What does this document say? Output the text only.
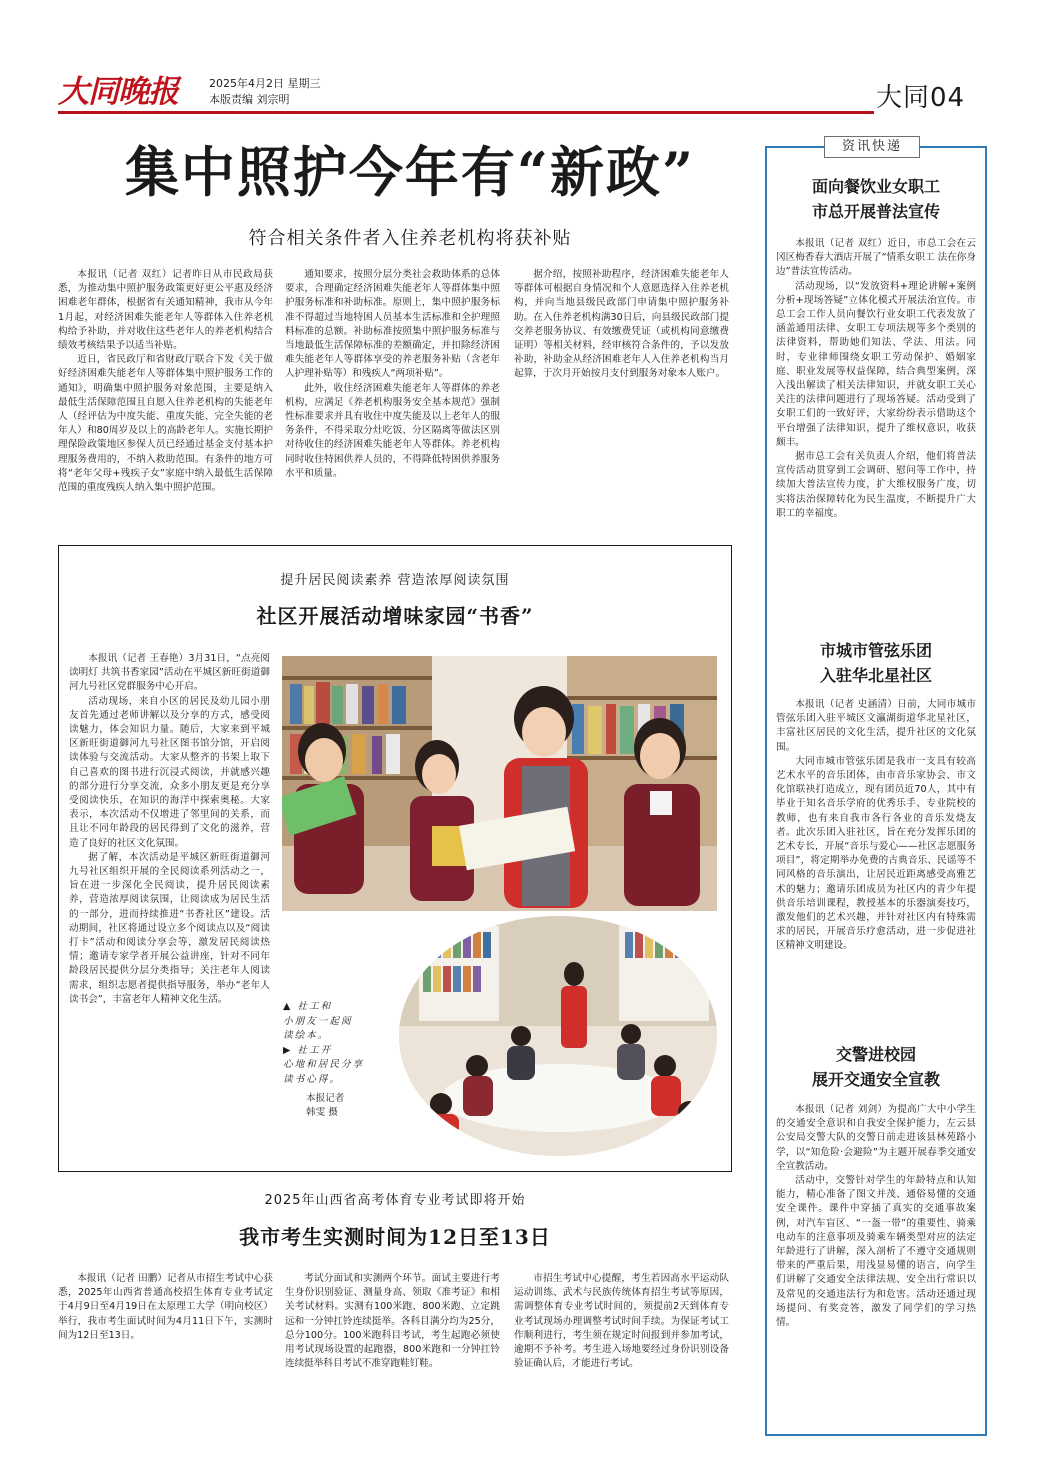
大同晚报	2025年4月2日 星期三
本版责编 刘宗明	大同04
集中照护今年有“新政”
符合相关条件者入住养老机构将获补贴

本报讯（记者 双红）记者昨日从市民政局获悉，为推动集中照护服务政策更好更公平惠及经济困难老年群体，根据省有关通知精神，我市从今年1月起，对经济困难失能老年人等群体入住养老机构给予补助，并对收住这些老年人的养老机构结合绩效考核结果予以适当补贴。

近日，省民政厅和省财政厅联合下发《关于做好经济困难失能老年人等群体集中照护服务工作的通知》，明确集中照护服务对象范围，主要是纳入最低生活保障范围且自愿入住养老机构的失能老年人（经评估为中度失能、重度失能、完全失能的老年人）和80周岁及以上的高龄老年人。实施长期护理保险政策地区参保人员已经通过基金支付基本护理服务费用的，不纳入救助范围。有条件的地方可将“老年父母+残疾子女”家庭中纳入最低生活保障范围的重度残疾人纳入集中照护范围。

通知要求，按照分层分类社会救助体系的总体要求，合理确定经济困难失能老年人等群体集中照护服务标准和补助标准。原则上，集中照护服务标准不得超过当地特困人员基本生活标准和全护理照料标准的总额。补助标准按照集中照护服务标准与当地最低生活保障标准的差额确定，并扣除经济困难失能老年人等群体享受的养老服务补贴（含老年人护理补贴等）和残疾人“两项补贴”。

此外，收住经济困难失能老年人等群体的养老机构，应满足《养老机构服务安全基本规范》强制性标准要求并具有收住中度失能及以上老年人的服务条件，不得采取分灶吃饭、分区隔离等做法区别对待收住的经济困难失能老年人等群体。养老机构同时收住特困供养人员的，不得降低特困供养服务水平和质量。

据介绍，按照补助程序，经济困难失能老年人等群体可根据自身情况和个人意愿选择入住养老机构，并向当地县级民政部门申请集中照护服务补助。在入住养老机构满30日后，向县级民政部门提交养老服务协议、有效缴费凭证（或机构同意缴费证明）等相关材料，经审核符合条件的，予以发放补助，补助金从经济困难老年人入住养老机构当月起算，于次月开始按月支付到服务对象本人账户。

提升居民阅读素养 营造浓厚阅读氛围
社区开展活动增味家园“书香”

本报讯（记者 王春艳）3月31日，“点亮阅读明灯 共筑书香家园”活动在平城区新旺街道御河九号社区党群服务中心开启。

活动现场，来自小区的居民及幼儿园小朋友首先通过老师讲解以及分享的方式，感受阅读魅力，体会知识力量。随后，大家来到平城区新旺街道御河九号社区图书馆分馆，开启阅读体验与交流活动。大家从整齐的书架上取下自己喜欢的图书进行沉浸式阅读，并就感兴趣的部分进行分享交流，众多小朋友更是充分享受阅读快乐，在知识的海洋中探索奥秘。大家表示，本次活动不仅增进了邻里间的关系，而且让不同年龄段的居民得到了文化的滋养，营造了良好的社区文化氛围。

据了解，本次活动是平城区新旺街道御河九号社区组织开展的全民阅读系列活动之一，旨在进一步深化全民阅读，提升居民阅读素养，营造浓厚阅读氛围，让阅读成为居民生活的一部分，进而持续推进“书香社区”建设。活动期间，社区将通过设立多个阅读点以及“阅读打卡”活动和阅读分享会等，激发居民阅读热情；邀请专家学者开展公益讲座，针对不同年龄段居民提供分层分类指导；关注老年人阅读需求，组织志愿者提供指导服务，举办“老年人读书会”，丰富老年人精神文化生活。

▲ 社工和
小朋友一起阅
读绘本。
▶ 社工开
心地和居民分享
读书心得。
本报记者
韩雯 摄
2025年山西省高考体育专业考试即将开始
我市考生实测时间为12日至13日

本报讯（记者 田鹏）记者从市招生考试中心获悉，2025年山西省普通高校招生体育专业考试定于4月9日至4月19日在太原理工大学（明向校区）举行，我市考生面试时间为4月11日下午，实测时间为12日至13日。

考试分面试和实测两个环节。面试主要进行考生身份识别验证、测量身高、领取《准考证》和相关考试材料。实测有100米跑、800米跑、立定跳远和一分钟扛铃连续挺举。各科目满分均为25分，总分100分。100米跑科目考试，考生起跑必须使用考试现场设置的起跑器，800米跑和一分钟扛铃连续挺举科目考试不准穿跑鞋钉鞋。

市招生考试中心提醒，考生若因高水平运动队运动训练、武术与民族传统体育招生考试等原因，需调整体育专业考试时间的，须提前2天到体育专业考试现场办理调整考试时间手续。为保证考试工作顺利进行，考生须在规定时间报到并参加考试，逾期不予补考。考生进入场地要经过身份识别设备验证确认后，才能进行考试。

资讯快递
面向餐饮业女职工
市总开展普法宣传

本报讯（记者 双红）近日，市总工会在云冈区梅香春大酒店开展了“情系女职工 法在你身边”普法宣传活动。

活动现场，以“发放资料+理论讲解+案例分析+现场答疑”立体化模式开展法治宣传。市总工会工作人员向餐饮行业女职工代表发放了涵盖通用法律、女职工专项法规等多个类别的法律资料，帮助她们知法、学法、用法。同时，专业律师围绕女职工劳动保护、婚姻家庭、职业发展等权益保障，结合典型案例，深入浅出解读了相关法律知识，并就女职工关心关注的法律问题进行了现场答疑。活动受到了女职工们的一致好评，大家纷纷表示借助这个平台增强了法律知识，提升了维权意识，收获颇丰。

据市总工会有关负责人介绍，他们将普法宣传活动贯穿到工会调研、慰问等工作中，持续加大普法宣传力度，扩大维权服务广度，切实将法治保障转化为民生温度，不断提升广大职工的幸福度。

市城市管弦乐团
入驻华北星社区

本报讯（记者 史涵清）日前，大同市城市管弦乐团入驻平城区文瀛湖街道华北星社区，丰富社区居民的文化生活，提升社区的文化氛围。

大同市城市管弦乐团是我市一支具有较高艺术水平的音乐团体，由市音乐家协会、市文化馆联袂打造成立，现有团员近70人，其中有毕业于知名音乐学府的优秀乐手、专业院校的教师，也有来自我市各行各业的音乐发烧友者。此次乐团入驻社区，旨在充分发挥乐团的艺术专长，开展“音乐与爱心——社区志愿服务项目”，将定期举办免费的古典音乐、民谣等不同风格的音乐演出，让居民近距离感受高雅艺术的魅力；邀请乐团成员为社区内的青少年提供音乐培训课程，教授基本的乐器演奏技巧，激发他们的艺术兴趣，并针对社区内有特殊需求的居民，开展音乐疗愈活动，进一步促进社区精神文明建设。

交警进校园
展开交通安全宣教

本报讯（记者 刘剑）为提高广大中小学生的交通安全意识和自我安全保护能力，左云县公安局交警大队的交警日前走进该县林苑路小学，以“知危险·会避险”为主题开展春季交通安全宣教活动。

活动中，交警针对学生的年龄特点和认知能力，精心准备了图文并茂、通俗易懂的交通安全课件。课件中穿插了真实的交通事故案例，对汽车盲区、“一盔一带”的重要性、骑乘电动车的注意事项及骑乘车辆类型对应的法定年龄进行了讲解，深入剖析了不遵守交通规则带来的严重后果，用浅显易懂的语言，向学生们讲解了交通安全法律法规、安全出行常识以及常见的交通违法行为和危害。活动还通过现场提问、有奖竞答，激发了同学们的学习热情。
